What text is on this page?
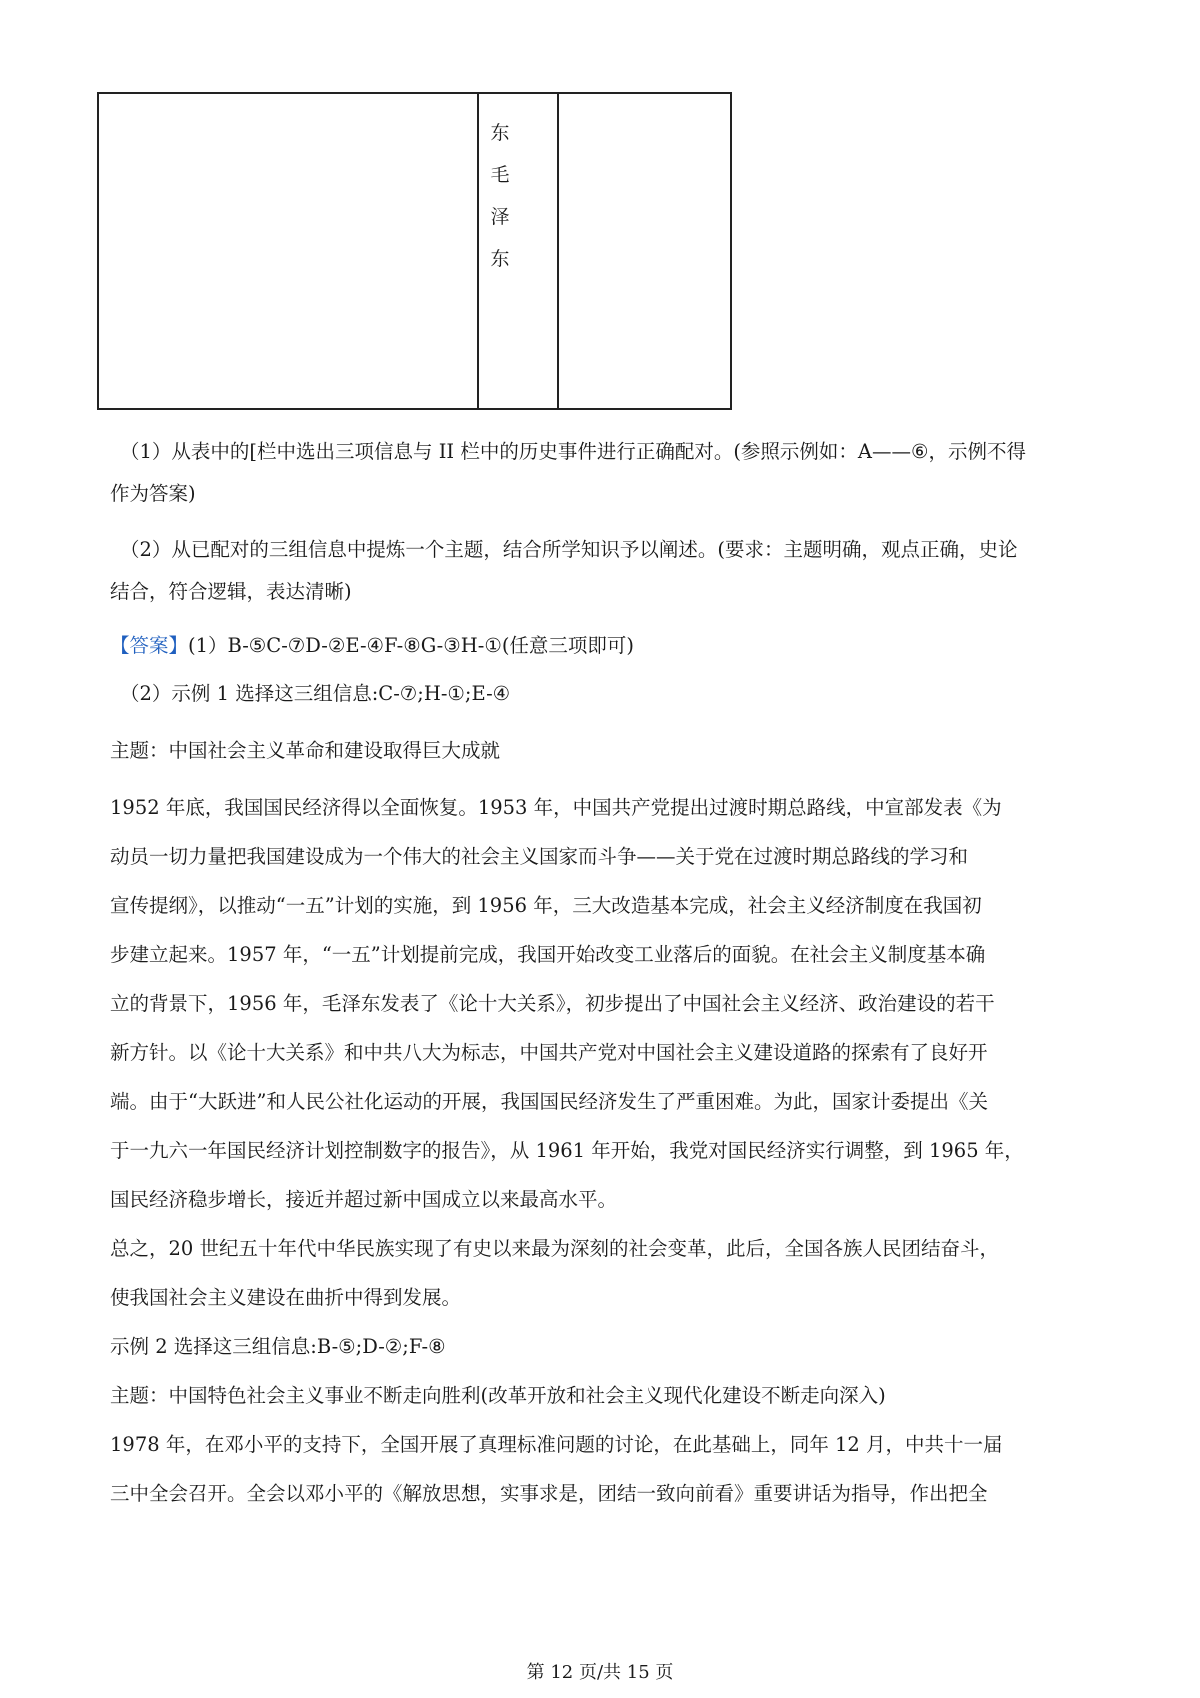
东
毛
泽
东
（1）从表中的[栏中选出三项信息与 II 栏中的历史事件进行正确配对。(参照示例如：A——⑥，示例不得
作为答案)
（2）从已配对的三组信息中提炼一个主题，结合所学知识予以阐述。(要求：主题明确，观点正确，史论
结合，符合逻辑，表达清晰)
【答案】(1）B-⑤C-⑦D-②E-④F-⑧G-③H-①(任意三项即可)
（2）示例 1 选择这三组信息:C-⑦;H-①;E-④
主题：中国社会主义革命和建设取得巨大成就
1952 年底，我国国民经济得以全面恢复。1953 年，中国共产党提出过渡时期总路线，中宣部发表《为
动员一切力量把我国建设成为一个伟大的社会主义国家而斗争——关于党在过渡时期总路线的学习和
宣传提纲》，以推动“一五”计划的实施，到 1956 年，三大改造基本完成，社会主义经济制度在我国初
步建立起来。1957 年，“一五”计划提前完成，我国开始改变工业落后的面貌。在社会主义制度基本确
立的背景下，1956 年，毛泽东发表了《论十大关系》，初步提出了中国社会主义经济、政治建设的若干
新方针。以《论十大关系》和中共八大为标志，中国共产党对中国社会主义建设道路的探索有了良好开
端。由于“大跃进”和人民公社化运动的开展，我国国民经济发生了严重困难。为此，国家计委提出《关
于一九六一年国民经济计划控制数字的报告》，从 1961 年开始，我党对国民经济实行调整，到 1965 年，
国民经济稳步增长，接近并超过新中国成立以来最高水平。
总之，20 世纪五十年代中华民族实现了有史以来最为深刻的社会变革，此后，全国各族人民团结奋斗，
使我国社会主义建设在曲折中得到发展。
示例 2 选择这三组信息:B-⑤;D-②;F-⑧
主题：中国特色社会主义事业不断走向胜利(改革开放和社会主义现代化建设不断走向深入)
1978 年，在邓小平的支持下，全国开展了真理标准问题的讨论，在此基础上，同年 12 月，中共十一届
三中全会召开。全会以邓小平的《解放思想，实事求是，团结一致向前看》重要讲话为指导，作出把全
第 12 页/共 15 页
